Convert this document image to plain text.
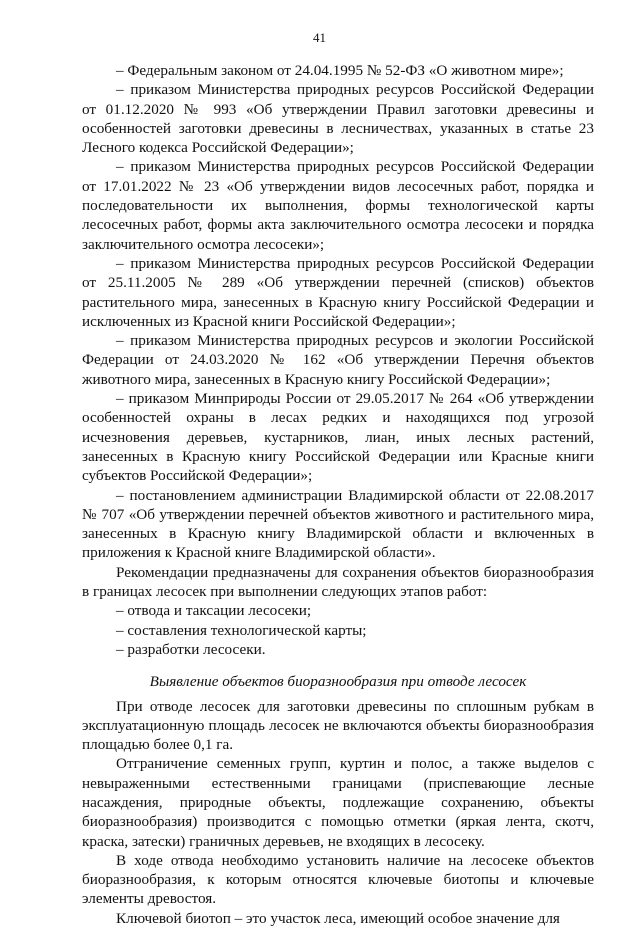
41

– Федеральным законом от 24.04.1995 № 52-ФЗ «О животном мире»;

– приказом Министерства природных ресурсов Российской Федерации от 01.12.2020 № 993 «Об утверждении Правил заготовки древесины и особенностей заготовки древесины в лесничествах, указанных в статье 23 Лесного кодекса Российской Федерации»;

– приказом Министерства природных ресурсов Российской Федерации от 17.01.2022 № 23 «Об утверждении видов лесосечных работ, порядка и последовательности их выполнения, формы технологической карты лесосечных работ, формы акта заключительного осмотра лесосеки и порядка заключительного осмотра лесосеки»;

– приказом Министерства природных ресурсов Российской Федерации от 25.11.2005 № 289 «Об утверждении перечней (списков) объектов растительного мира, занесенных в Красную книгу Российской Федерации и исключенных из Красной книги Российской Федерации»;

– приказом Министерства природных ресурсов и экологии Российской Федерации от 24.03.2020 № 162 «Об утверждении Перечня объектов животного мира, занесенных в Красную книгу Российской Федерации»;

– приказом Минприроды России от 29.05.2017 № 264 «Об утверждении особенностей охраны в лесах редких и находящихся под угрозой исчезновения деревьев, кустарников, лиан, иных лесных растений, занесенных в Красную книгу Российской Федерации или Красные книги субъектов Российской Федерации»;

– постановлением администрации Владимирской области от 22.08.2017 № 707 «Об утверждении перечней объектов животного и растительного мира, занесенных в Красную книгу Владимирской области и включенных в приложения к Красной книге Владимирской области».

Рекомендации предназначены для сохранения объектов биоразнообразия в границах лесосек при выполнении следующих этапов работ:

– отвода и таксации лесосеки;

– составления технологической карты;

– разработки лесосеки.

Выявление объектов биоразнообразия при отводе лесосек

При отводе лесосек для заготовки древесины по сплошным рубкам в эксплуатационную площадь лесосек не включаются объекты биоразнообразия площадью более 0,1 га.

Отграничение семенных групп, куртин и полос, а также выделов с невыраженными естественными границами (приспевающие лесные насаждения, природные объекты, подлежащие сохранению, объекты биоразнообразия) производится с помощью отметки (яркая лента, скотч, краска, затески) граничных деревьев, не входящих в лесосеку.

В ходе отвода необходимо установить наличие на лесосеке объектов биоразнообразия, к которым относятся ключевые биотопы и ключевые элементы древостоя.

Ключевой биотоп – это участок леса, имеющий особое значение для
